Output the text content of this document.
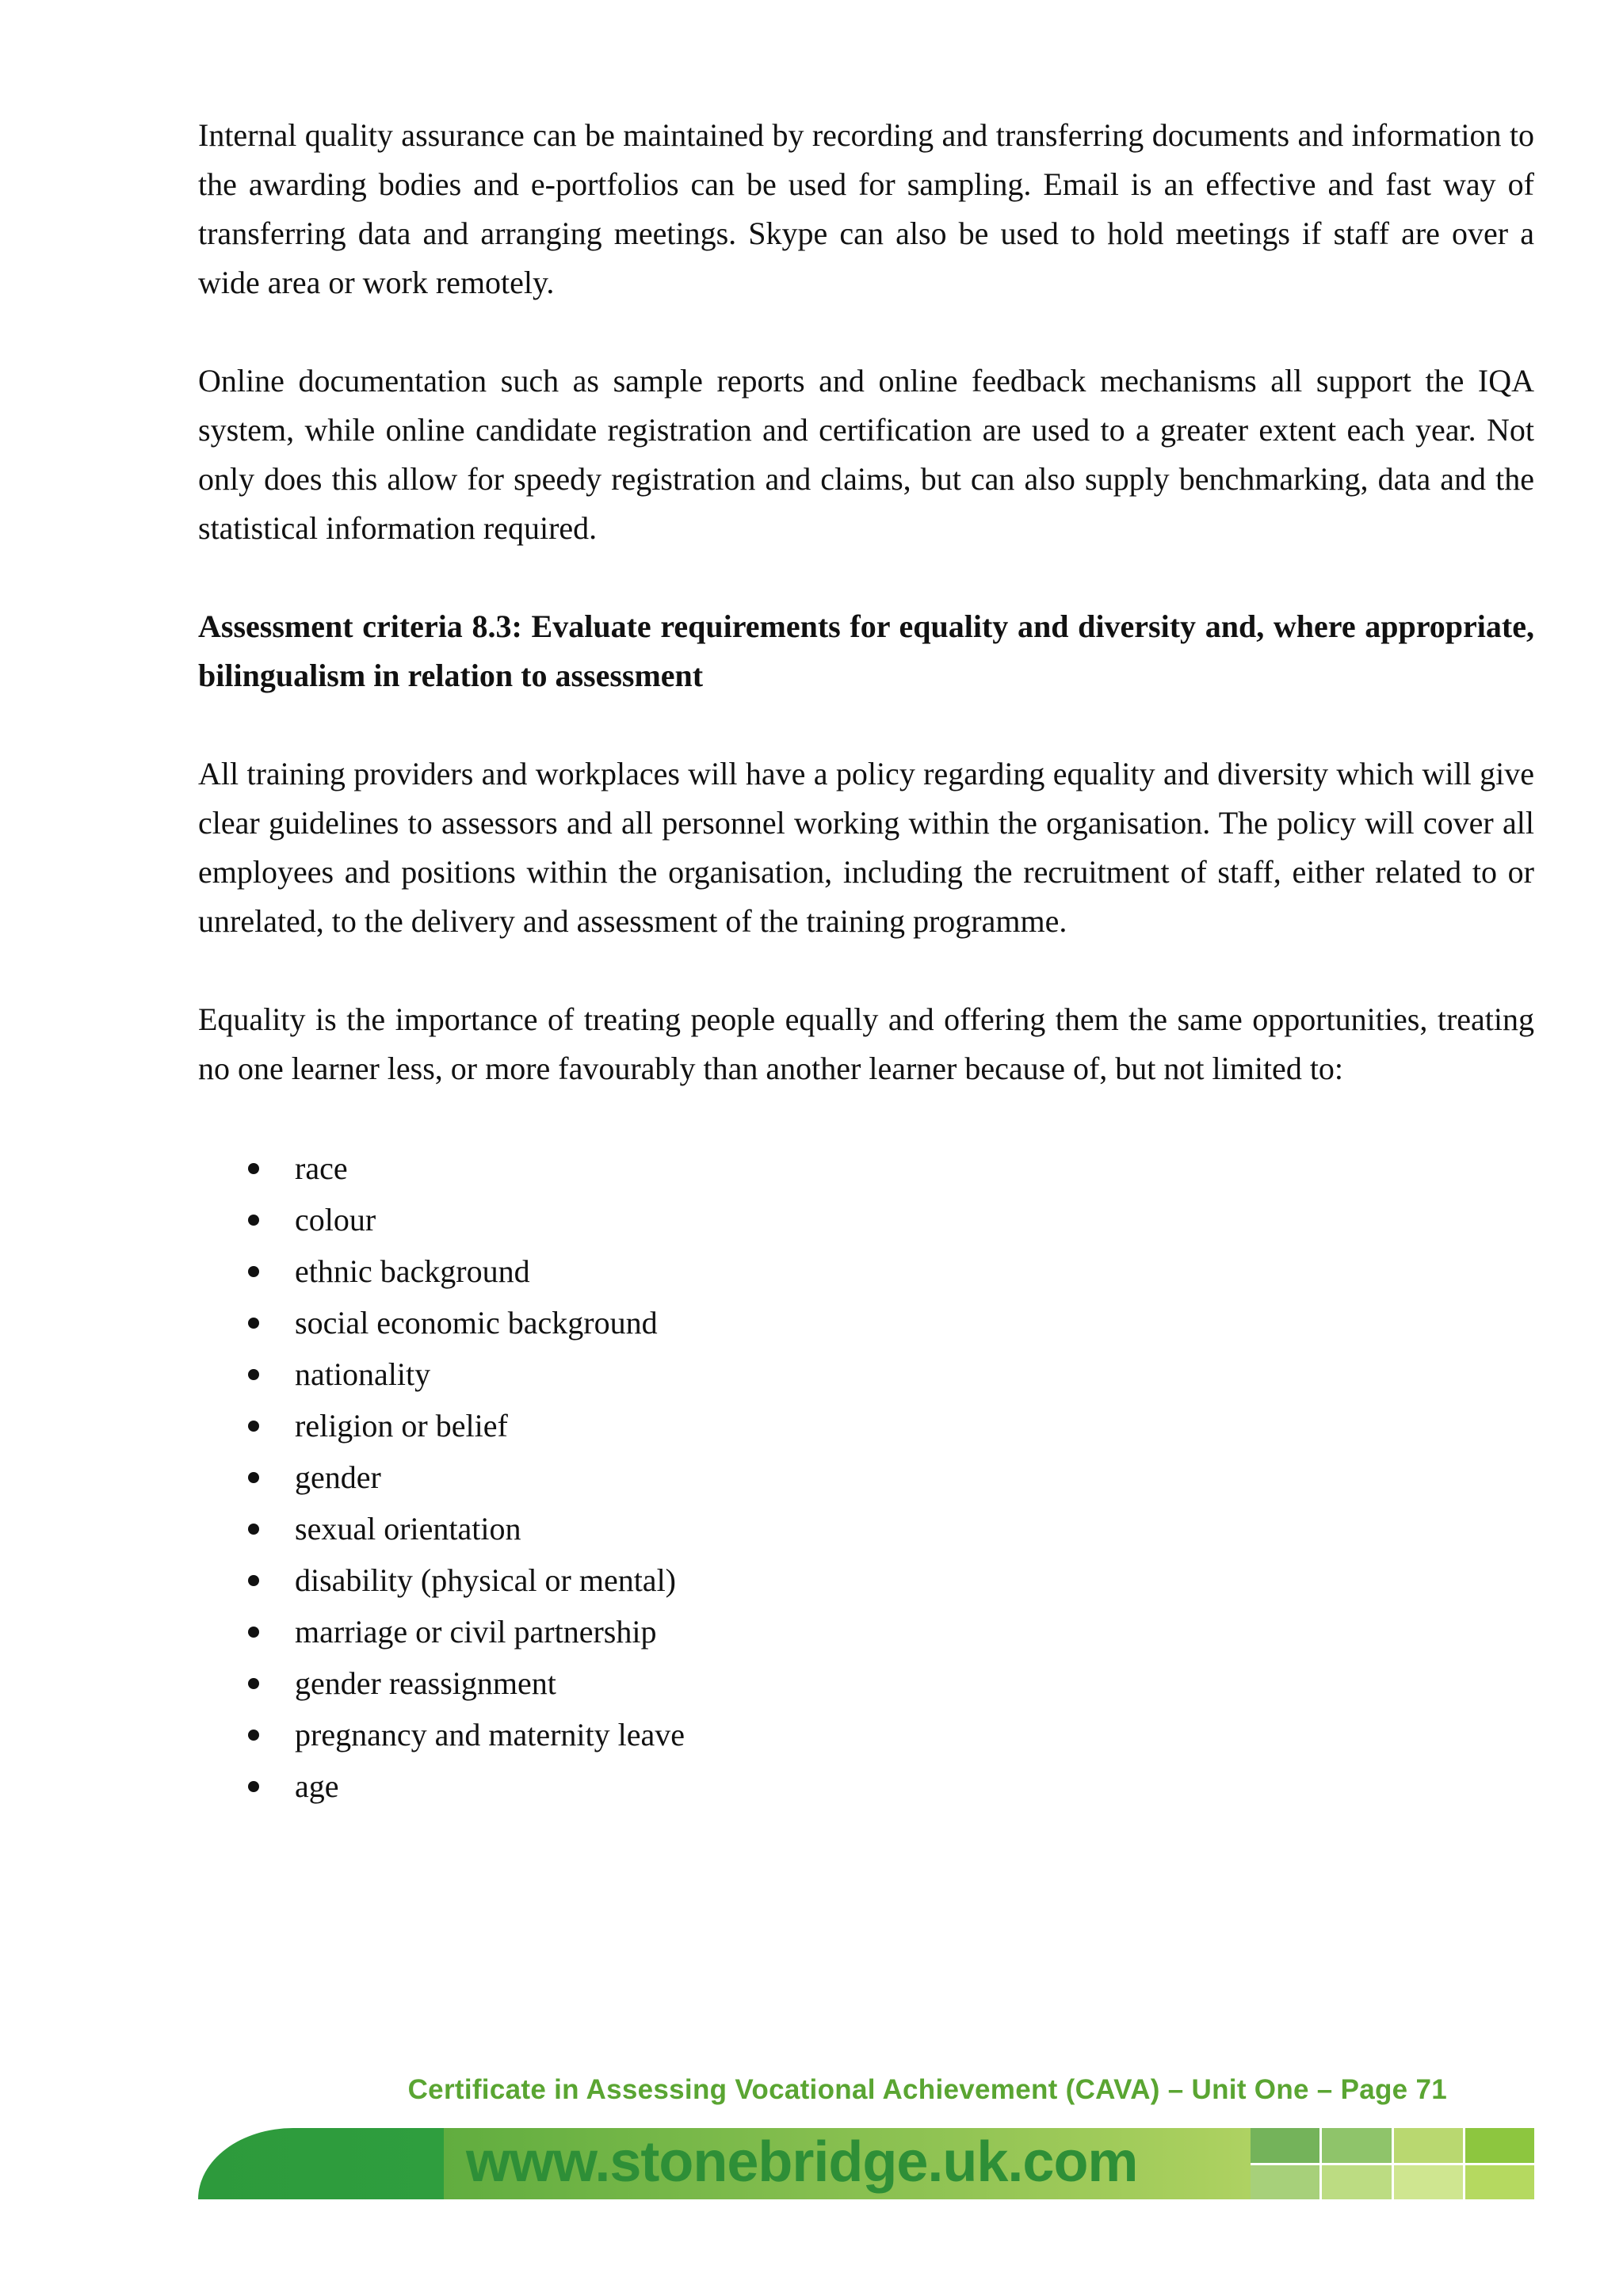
Internal quality assurance can be maintained by recording and transferring documents and information to the awarding bodies and e-portfolios can be used for sampling. Email is an effective and fast way of transferring data and arranging meetings. Skype can also be used to hold meetings if staff are over a wide area or work remotely.

Online documentation such as sample reports and online feedback mechanisms all support the IQA system, while online candidate registration and certification are used to a greater extent each year. Not only does this allow for speedy registration and claims, but can also supply benchmarking, data and the statistical information required.

Assessment criteria 8.3: Evaluate requirements for equality and diversity and, where appropriate, bilingualism in relation to assessment

All training providers and workplaces will have a policy regarding equality and diversity which will give clear guidelines to assessors and all personnel working within the organisation. The policy will cover all employees and positions within the organisation, including the recruitment of staff, either related to or unrelated, to the delivery and assessment of the training programme.

Equality is the importance of treating people equally and offering them the same opportunities, treating no one learner less, or more favourably than another learner because of, but not limited to:

race
colour
ethnic background
social economic background
nationality
religion or belief
gender
sexual orientation
disability (physical or mental)
marriage or civil partnership
gender reassignment
pregnancy and maternity leave
age
Certificate in Assessing Vocational Achievement (CAVA) – Unit One – Page 71
www.stonebridge.uk.com
